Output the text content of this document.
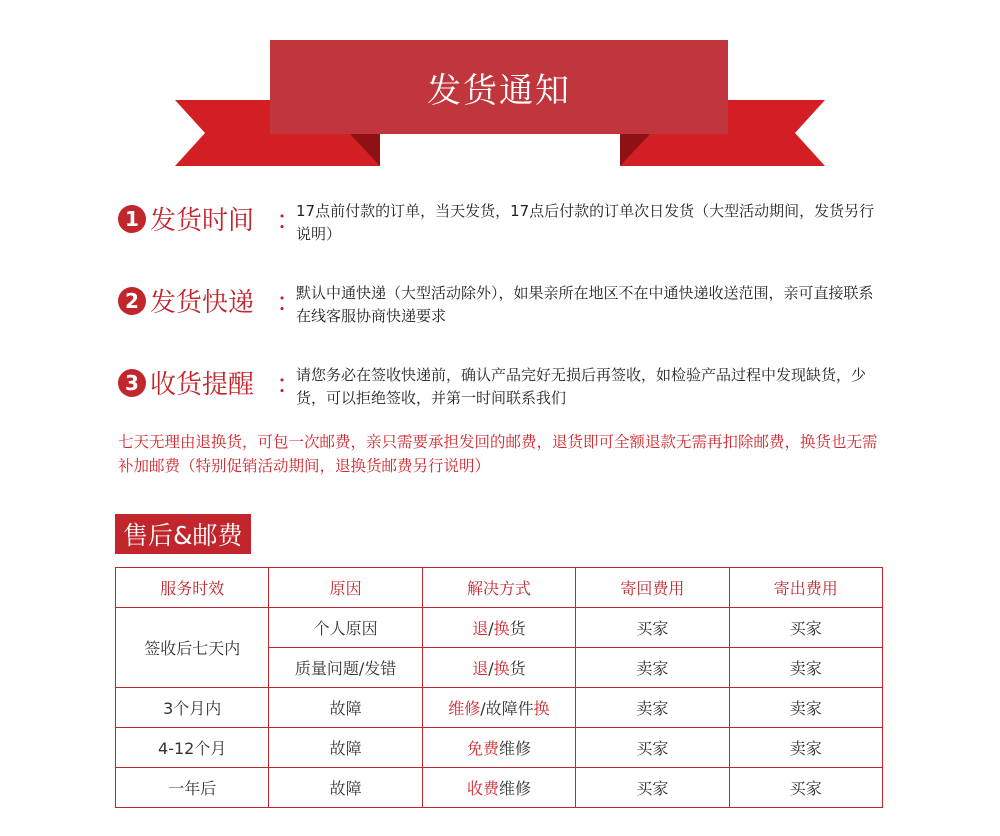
发货通知
1 发货时间 ：
17点前付款的订单，当天发货，17点后付款的订单次日发货（大型活动期间，发货另行说明）
2 发货快递 ：
默认中通快递（大型活动除外），如果亲所在地区不在中通快递收送范围，亲可直接联系在线客服协商快递要求
3 收货提醒 ：
请您务必在签收快递前，确认产品完好无损后再签收，如检验产品过程中发现缺货，少货，可以拒绝签收，并第一时间联系我们
七天无理由退换货，可包一次邮费，亲只需要承担发回的邮费，退货即可全额退款无需再扣除邮费，换货也无需补加邮费（特别促销活动期间，退换货邮费另行说明）
售后&邮费
服务时效	原因	解决方式	寄回费用	寄出费用
签收后七天内	个人原因	退/换货	买家	买家
	质量问题/发错	退/换货	卖家	卖家
3个月内	故障	维修/故障件换	卖家	卖家
4-12个月	故障	免费维修	买家	卖家
一年后	故障	收费维修	买家	买家
